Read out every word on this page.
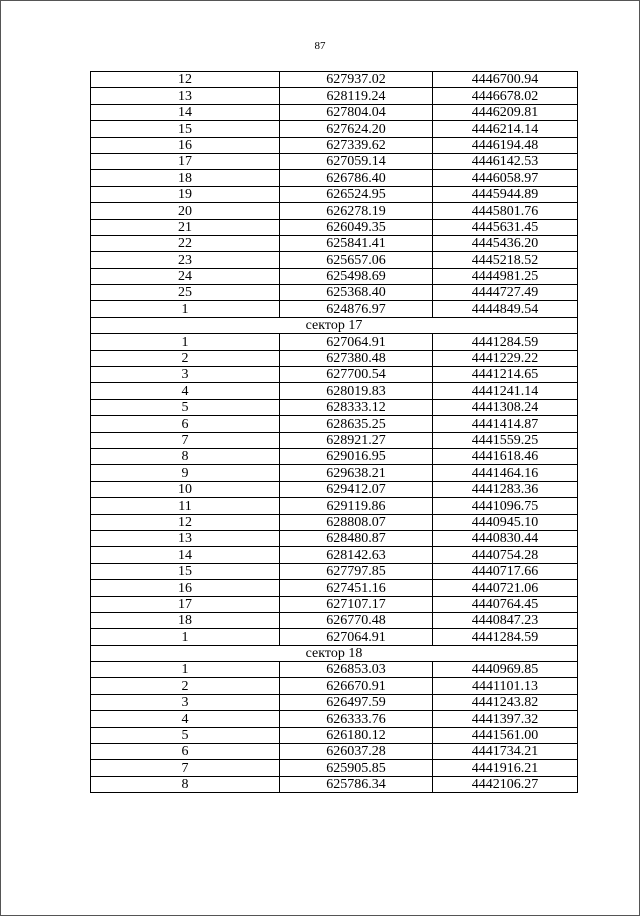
87
12	627937.02	4446700.94
13	628119.24	4446678.02
14	627804.04	4446209.81
15	627624.20	4446214.14
16	627339.62	4446194.48
17	627059.14	4446142.53
18	626786.40	4446058.97
19	626524.95	4445944.89
20	626278.19	4445801.76
21	626049.35	4445631.45
22	625841.41	4445436.20
23	625657.06	4445218.52
24	625498.69	4444981.25
25	625368.40	4444727.49
1	624876.97	4444849.54
сектор 17		
1	627064.91	4441284.59
2	627380.48	4441229.22
3	627700.54	4441214.65
4	628019.83	4441241.14
5	628333.12	4441308.24
6	628635.25	4441414.87
7	628921.27	4441559.25
8	629016.95	4441618.46
9	629638.21	4441464.16
10	629412.07	4441283.36
11	629119.86	4441096.75
12	628808.07	4440945.10
13	628480.87	4440830.44
14	628142.63	4440754.28
15	627797.85	4440717.66
16	627451.16	4440721.06
17	627107.17	4440764.45
18	626770.48	4440847.23
1	627064.91	4441284.59
сектор 18		
1	626853.03	4440969.85
2	626670.91	4441101.13
3	626497.59	4441243.82
4	626333.76	4441397.32
5	626180.12	4441561.00
6	626037.28	4441734.21
7	625905.85	4441916.21
8	625786.34	4442106.27
